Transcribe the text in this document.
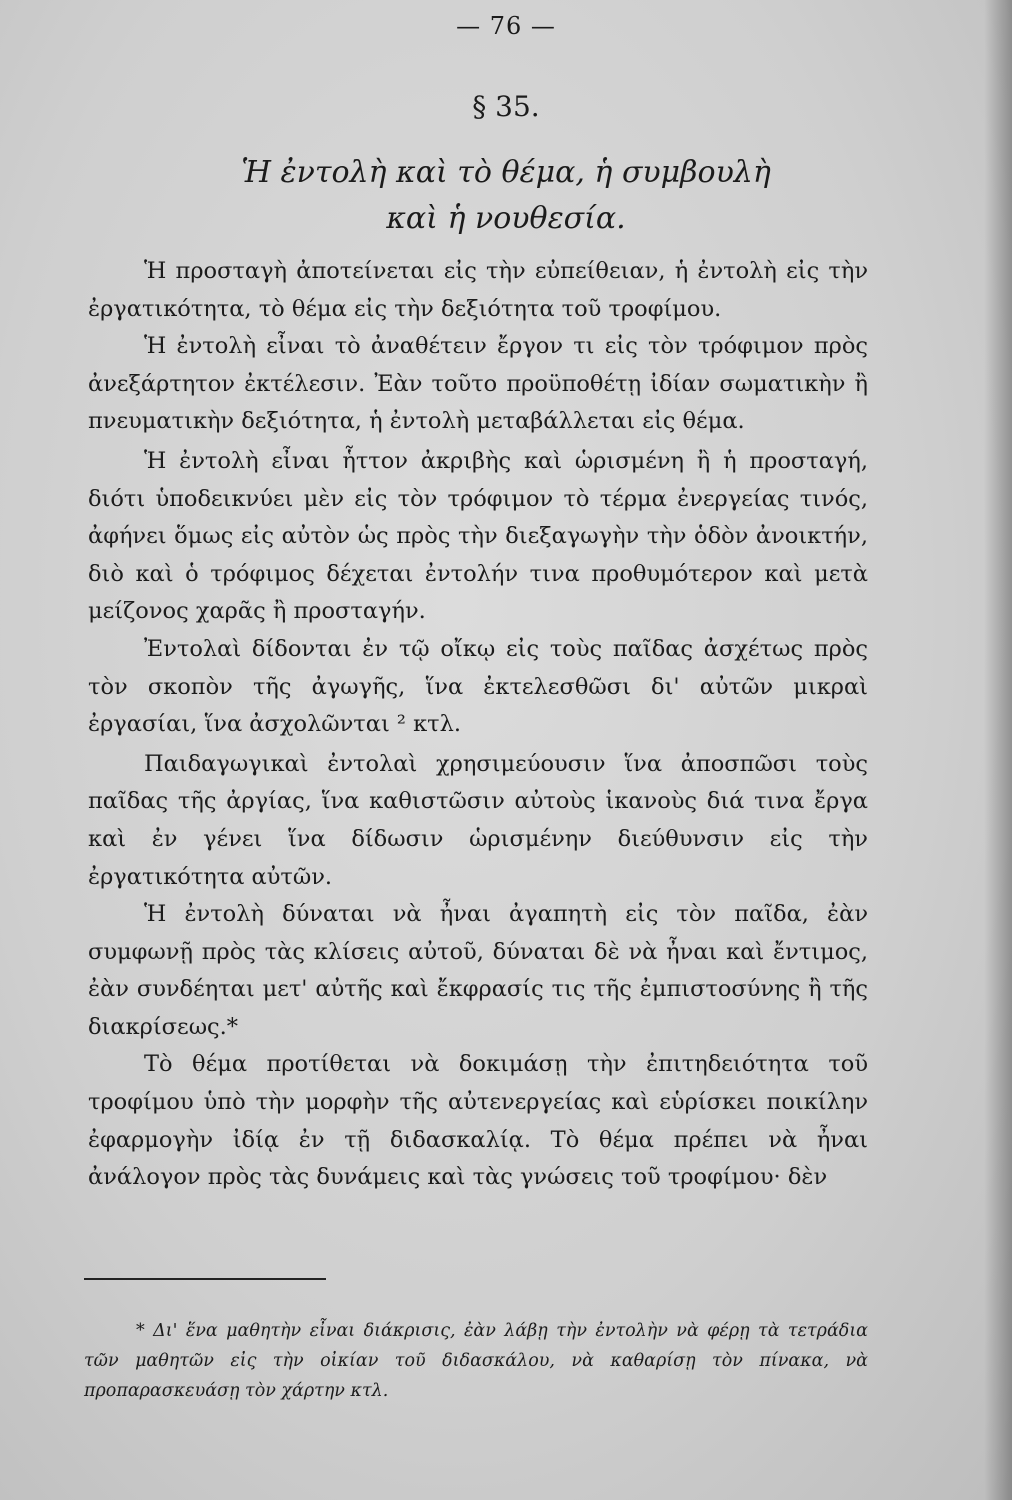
— 76 —
§ 35.
Ἡ ἐντολὴ καὶ τὸ θέμα, ἡ συμβουλὴ
καὶ ἡ νουθεσία.

Ἡ προσταγὴ ἀποτείνεται εἰς τὴν εὐπείθειαν, ἡ ἐντολὴ εἰς τὴν ἐργατικότητα, τὸ θέμα εἰς τὴν δεξιότητα τοῦ τροφίμου.

Ἡ ἐντολὴ εἶναι τὸ ἀναθέτειν ἔργον τι εἰς τὸν τρόφιμον πρὸς ἀνεξάρτητον ἐκτέλεσιν. Ἐὰν τοῦτο προϋποθέτῃ ἰδίαν σωματικὴν ἢ πνευματικὴν δεξιότητα, ἡ ἐντολὴ μεταβάλλεται εἰς θέμα.

Ἡ ἐντολὴ εἶναι ἧττον ἀκριβὴς καὶ ὡρισμένη ἢ ἡ προσταγή, διότι ὑποδεικνύει μὲν εἰς τὸν τρόφιμον τὸ τέρμα ἐνεργείας τινός, ἀφήνει ὅμως εἰς αὐτὸν ὡς πρὸς τὴν διεξαγωγὴν τὴν ὁδὸν ἀνοικτήν, διὸ καὶ ὁ τρόφιμος δέχεται ἐντολήν τινα προθυμότερον καὶ μετὰ μείζονος χαρᾶς ἢ προσταγήν.

Ἐντολαὶ δίδονται ἐν τῷ οἴκῳ εἰς τοὺς παῖδας ἀσχέτως πρὸς τὸν σκοπὸν τῆς ἀγωγῆς, ἵνα ἐκτελεσθῶσι δι' αὐτῶν μικραὶ ἐργασίαι, ἵνα ἀσχολῶνται ² κτλ.

Παιδαγωγικαὶ ἐντολαὶ χρησιμεύουσιν ἵνα ἀποσπῶσι τοὺς παῖδας τῆς ἀργίας, ἵνα καθιστῶσιν αὐτοὺς ἱκανοὺς διά τινα ἔργα καὶ ἐν γένει ἵνα δίδωσιν ὡρισμένην διεύθυνσιν εἰς τὴν ἐργατικότητα αὐτῶν.

Ἡ ἐντολὴ δύναται νὰ ἦναι ἀγαπητὴ εἰς τὸν παῖδα, ἐὰν συμφωνῇ πρὸς τὰς κλίσεις αὐτοῦ, δύναται δὲ νὰ ἦναι καὶ ἔντιμος, ἐὰν συνδέηται μετ' αὐτῆς καὶ ἔκφρασίς τις τῆς ἐμπιστοσύνης ἢ τῆς διακρίσεως.*

Τὸ θέμα προτίθεται νὰ δοκιμάσῃ τὴν ἐπιτηδειότητα τοῦ τροφίμου ὑπὸ τὴν μορφὴν τῆς αὐτενεργείας καὶ εὑρίσκει ποικίλην ἐφαρμογὴν ἰδίᾳ ἐν τῇ διδασκαλίᾳ. Τὸ θέμα πρέπει νὰ ἦναι ἀνάλογον πρὸς τὰς δυνάμεις καὶ τὰς γνώσεις τοῦ τροφίμου· δὲν

* Δι' ἕνα μαθητὴν εἶναι διάκρισις, ἐὰν λάβῃ τὴν ἐντολὴν νὰ φέρῃ τὰ τετράδια τῶν μαθητῶν εἰς τὴν οἰκίαν τοῦ διδασκάλου, νὰ καθαρίσῃ τὸν πίνακα, νὰ προπαρασκευάσῃ τὸν χάρτην κτλ.
